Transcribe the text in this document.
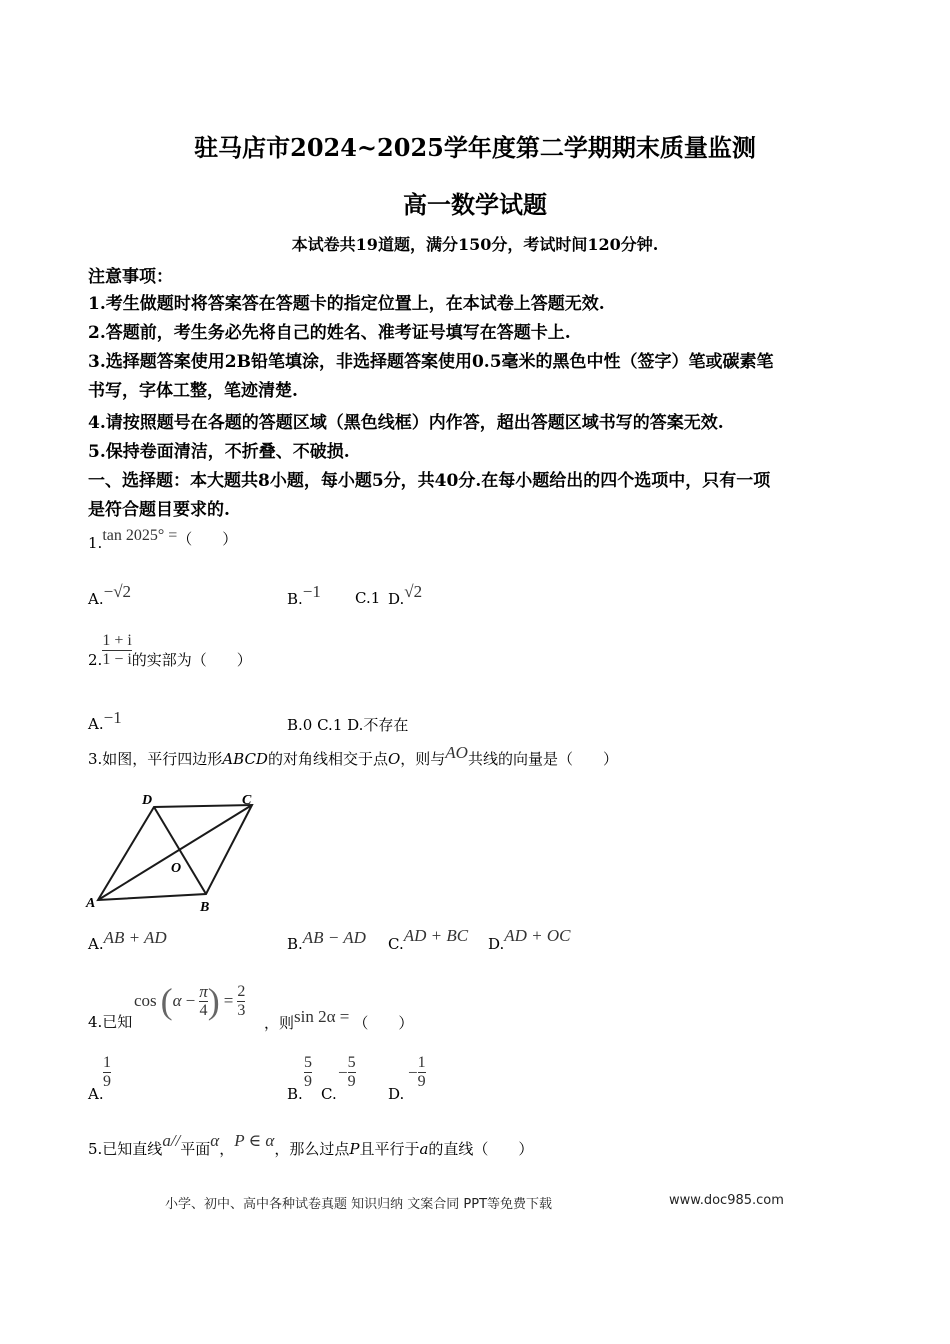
驻马店市2024~2025学年度第二学期期末质量监测
高一数学试题
本试卷共19道题，满分150分，考试时间120分钟.
注意事项：
1.考生做题时将答案答在答题卡的指定位置上，在本试卷上答题无效.
2.答题前，考生务必先将自己的姓名、准考证号填写在答题卡上.
3.选择题答案使用2B铅笔填涂，非选择题答案使用0.5毫米的黑色中性（签字）笔或碳素笔
书写，字体工整，笔迹清楚.
4.请按照题号在各题的答题区域（黑色线框）内作答，超出答题区域书写的答案无效.
5.保持卷面清洁，不折叠、不破损.
一、选择题：本大题共8小题，每小题5分，共40分.在每小题给出的四个选项中，只有一项
是符合题目要求的.
1.tan 2025° =（　　）
A.−√2	B.−1 C.1 D.√2
2. $\frac{1 + i}{1 - i}$ 的实部为（　　）
A.−1	B.0 C.1 D.不存在
3.如图，平行四边形ABCD的对角线相交于点O，则与AO共线的向量是（　　）
A	B
C
D
O
A.AB + AD	B.AB − AD C.AD + BC D.AD + OC
4.已知
cos ( $\alpha - \frac{\pi}{4}$ ) = $\frac{2}{3}$
，则sin 2α = （　　）
A.
$\frac{1}{9}$
B.
$\frac{5}{9}$
C.
− $\frac{5}{9}$
D.
− $\frac{1}{9}$
5.已知直线a//平面α，P ∈ α，那么过点P且平行于a的直线（　　）
小学、初中、高中各种试卷真题 知识归纳 文案合同 PPT等免费下载	www.doc985.com
